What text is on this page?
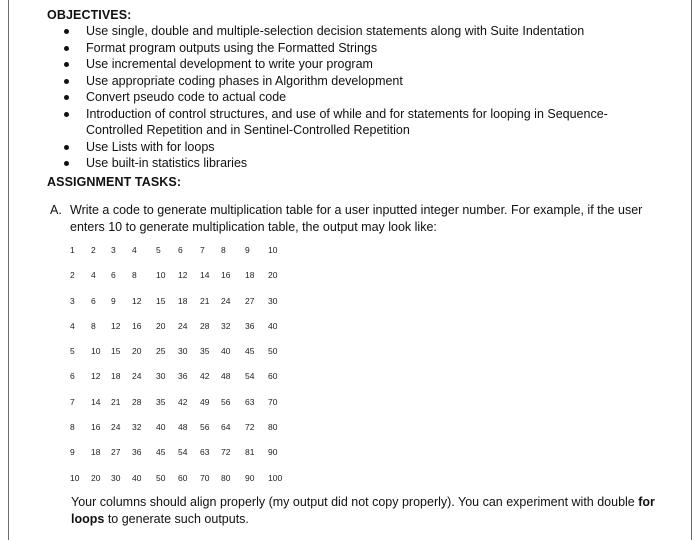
OBJECTIVES:
Use single, double and multiple-selection decision statements along with Suite Indentation
Format program outputs using the Formatted Strings
Use incremental development to write your program
Use appropriate coding phases in Algorithm development
Convert pseudo code to actual code
Introduction of control structures, and use of while and for statements for looping in Sequence-Controlled Repetition and in Sentinel-Controlled Repetition
Use Lists with for loops
Use built-in statistics libraries
ASSIGNMENT TASKS:
A. Write a code to generate multiplication table for a user inputted integer number. For example, if the user enters 10 to generate multiplication table, the output may look like:
1 2 3 4 5 6 7 8 9 10
2 4 6 8 10 12 14 16 18 20
3 6 9 12 15 18 21 24 27 30
4 8 12 16 20 24 28 32 36 40
5 10 15 20 25 30 35 40 45 50
6 12 18 24 30 36 42 48 54 60
7 14 21 28 35 42 49 56 63 70
8 16 24 32 40 48 56 64 72 80
9 18 27 36 45 54 63 72 81 90
10 20 30 40 50 60 70 80 90 100
Your columns should align properly (my output did not copy properly). You can experiment with double for loops to generate such outputs.
